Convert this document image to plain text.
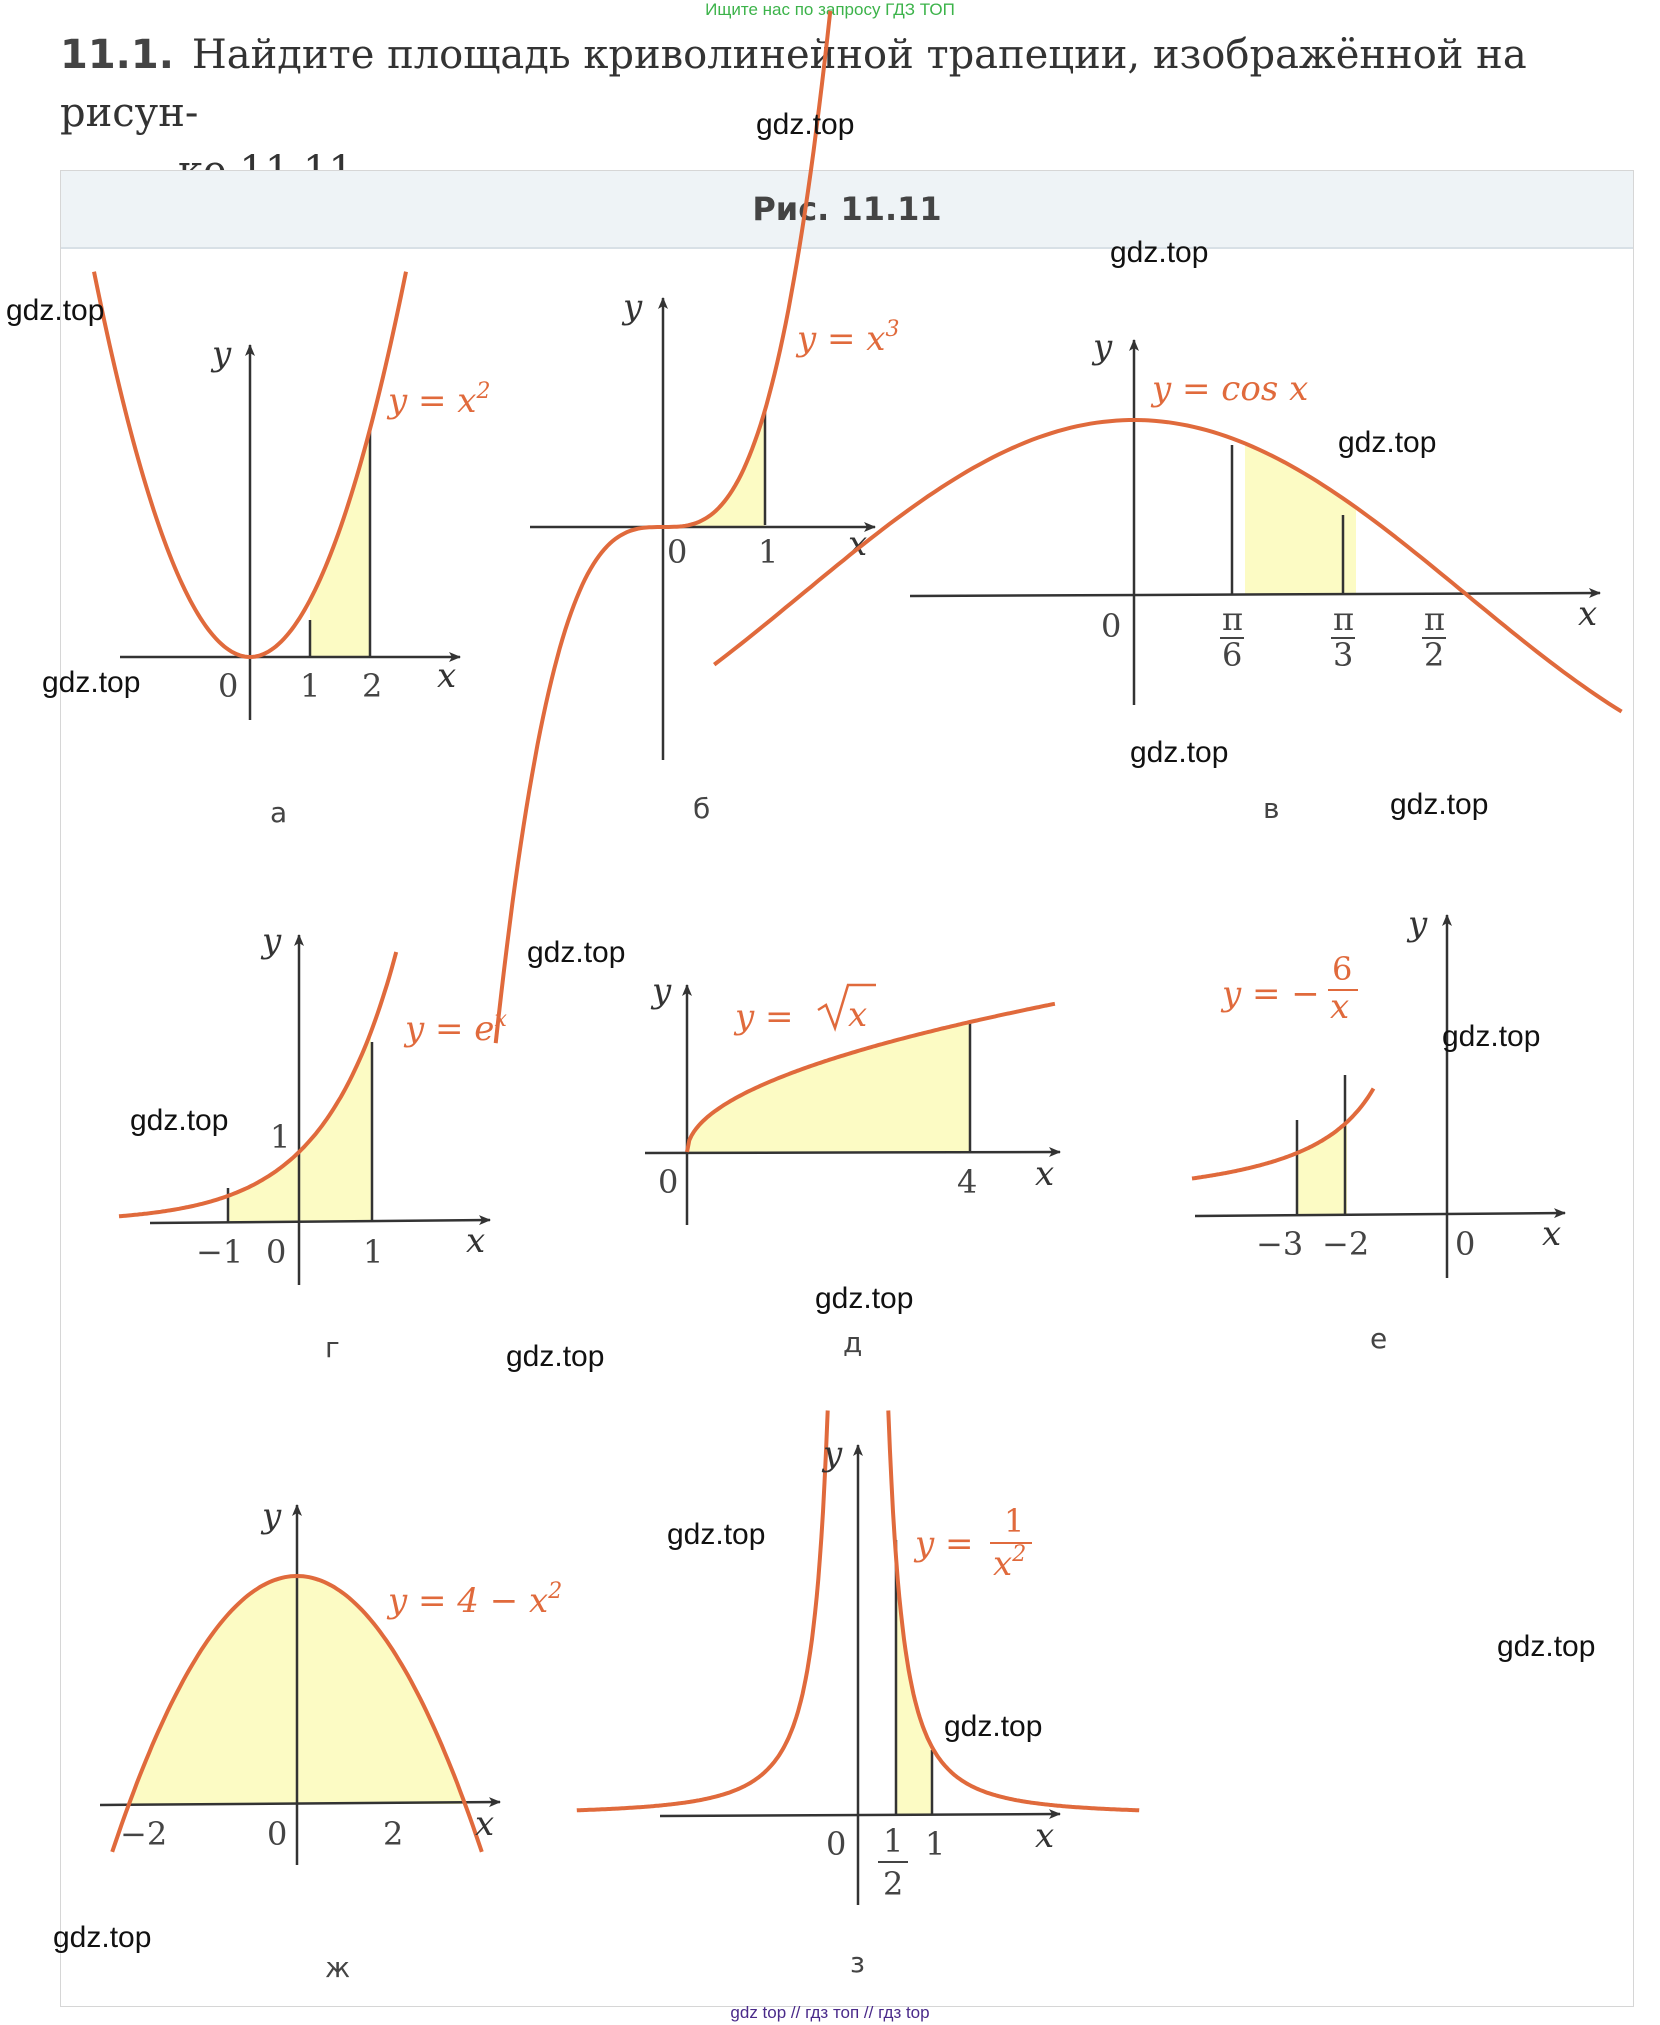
Ищите нас по запросу ГДЗ ТОП
11.1. Найдите площадь криволинейной трапеции, изображённой на рисун-
Рис. 11.11
y
x
0 1 2
y = x$^2$
а
y
x
0 1
y = x$^3$
б
y
x
0	π
6
π
3
π
2
y = cos x
в
y
x
−1 0 1
1
y = e$^x$
г
y
x
0	4
y = x
д
y
x
−3 −2	0
y = −
6
x
е
y
x
−2	0	2
y = 4 − x$^2$
ж
y
x
0 1
1
2
y =
1
x$^2$
з
gdz.top
gdz.top
gdz.top
gdz.top
gdz.top
gdz.top
gdz.top
gdz.top
gdz.top
gdz.top
gdz.top
gdz.top
gdz.top
gdz.top
gdz.top
gdz.top
gdz top // гдз топ // гдз top
